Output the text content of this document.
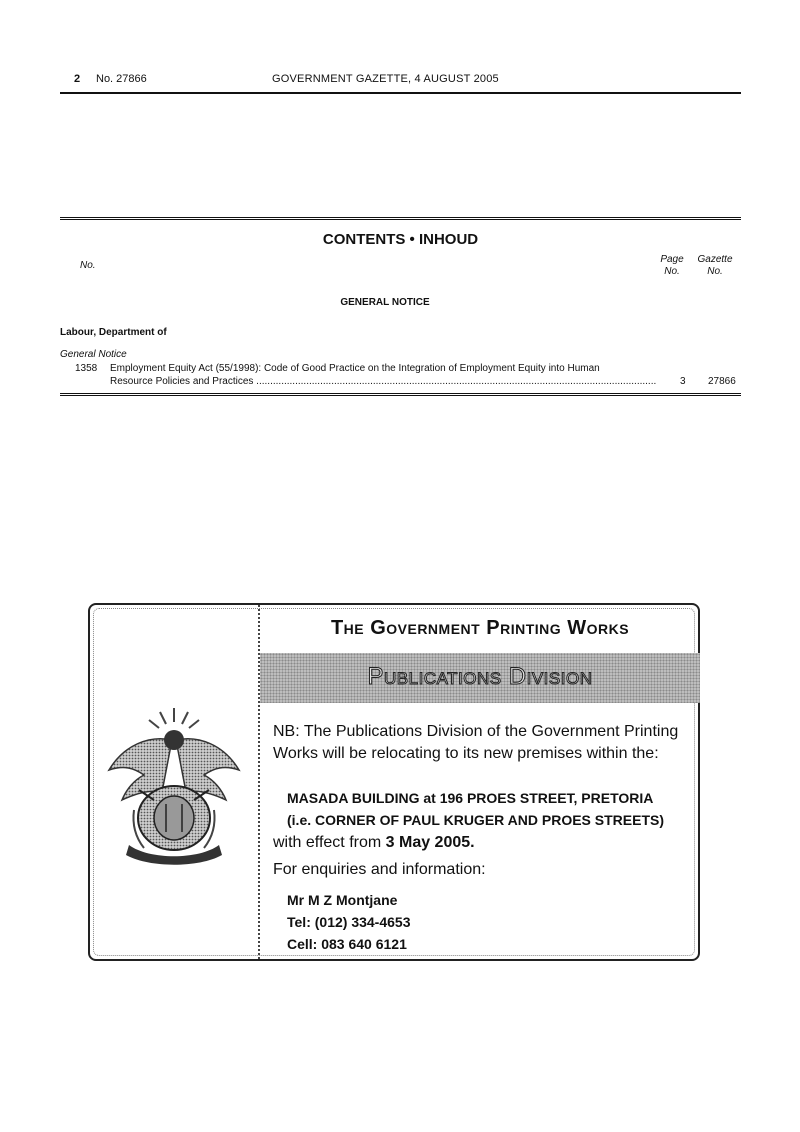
2 No. 27866	GOVERNMENT GAZETTE, 4 AUGUST 2005
CONTENTS • INHOUD
No.
Page
No.
Gazette
No.
GENERAL NOTICE
Labour, Department of
General Notice
1358 Employment Equity Act (55/1998): Code of Good Practice on the Integration of Employment Equity into Human
Resource Policies and Practices .....	3 27866
The Government Printing Works
Publications Division
NB: The Publications Division of the Government Printing Works will be relocating to its new premises within the:
MASADA BUILDING at 196 PROES STREET, PRETORIA
(i.e. CORNER OF PAUL KRUGER AND PROES STREETS)
with effect from 3 May 2005.
For enquiries and information:
Mr M Z Montjane
Tel: (012) 334-4653
Cell: 083 640 6121
